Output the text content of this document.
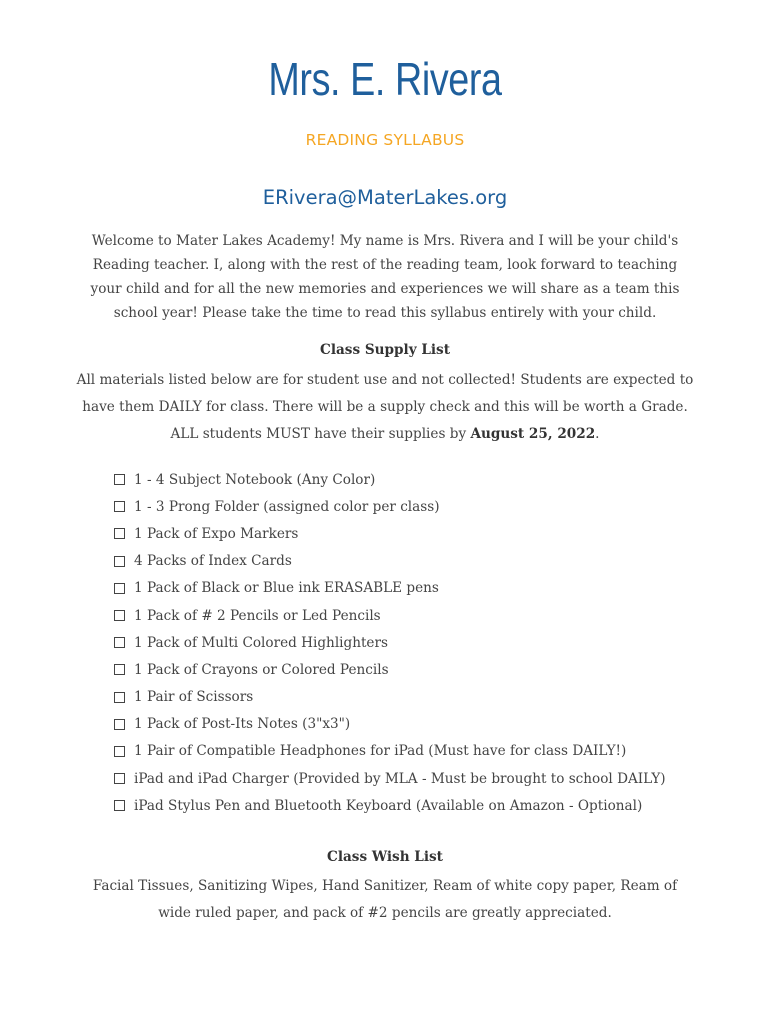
Mrs. E. Rivera
READING SYLLABUS
ERivera@MaterLakes.org
Welcome to Mater Lakes Academy! My name is Mrs. Rivera and I will be your child's Reading teacher. I, along with the rest of the reading team, look forward to teaching your child and for all the new memories and experiences we will share as a team this school year! Please take the time to read this syllabus entirely with your child.
Class Supply List
All materials listed below are for student use and not collected! Students are expected to have them DAILY for class. There will be a supply check and this will be worth a Grade. ALL students MUST have their supplies by August 25, 2022.
1 - 4 Subject Notebook (Any Color)
1 - 3 Prong Folder (assigned color per class)
1 Pack of Expo Markers
4 Packs of Index Cards
1 Pack of Black or Blue ink ERASABLE pens
1 Pack of # 2 Pencils or Led Pencils
1 Pack of Multi Colored Highlighters
1 Pack of Crayons or Colored Pencils
1 Pair of Scissors
1 Pack of Post-Its Notes (3"x3")
1 Pair of Compatible Headphones for iPad (Must have for class DAILY!)
iPad and iPad Charger (Provided by MLA - Must be brought to school DAILY)
iPad Stylus Pen and Bluetooth Keyboard (Available on Amazon - Optional)
Class Wish List
Facial Tissues, Sanitizing Wipes, Hand Sanitizer, Ream of white copy paper, Ream of wide ruled paper, and pack of #2 pencils are greatly appreciated.
